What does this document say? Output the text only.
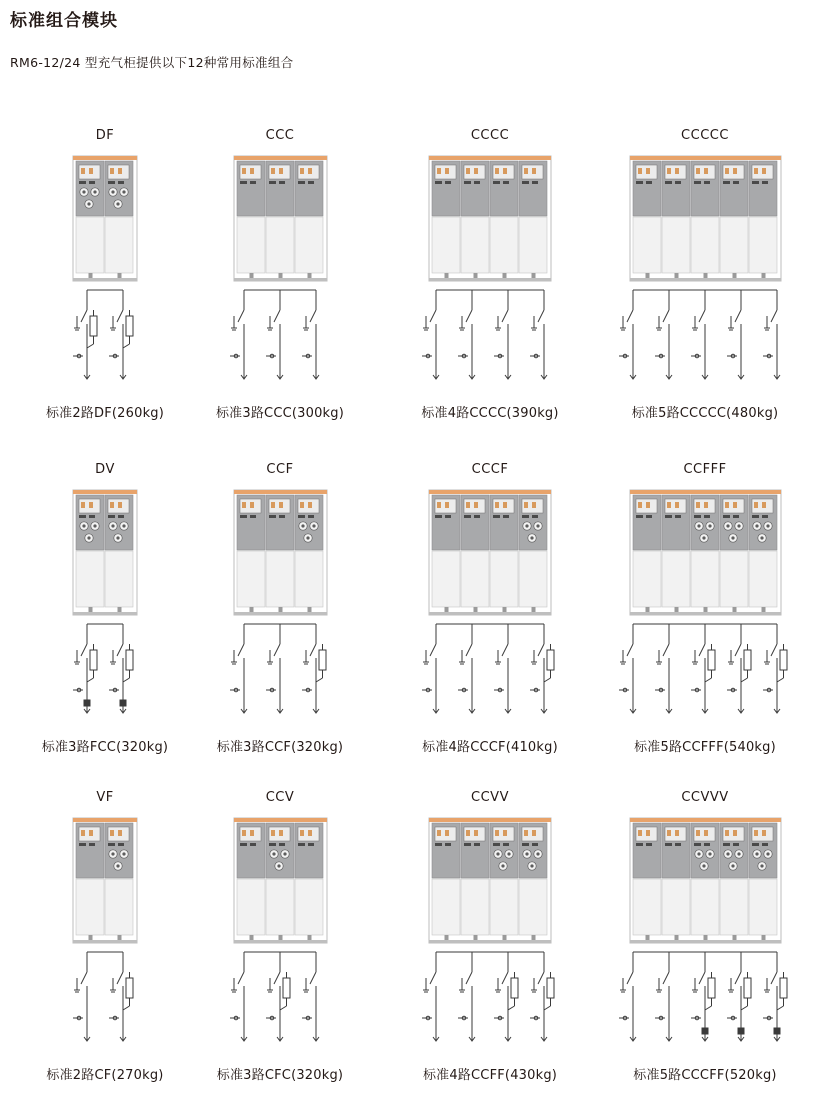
标准组合模块
RM6-12/24 型充气柜提供以下12种常用标准组合
DF
标准2路DF(260kg)
CCC
标准3路CCC(300kg)
CCCC
标准4路CCCC(390kg)
CCCCC
标准5路CCCCC(480kg)
DV
标准3路FCC(320kg)
CCF
标准3路CCF(320kg)
CCCF
标准4路CCCF(410kg)
CCFFF
标准5路CCFFF(540kg)
VF
标准2路CF(270kg)
CCV
标准3路CFC(320kg)
CCVV
标准4路CCFF(430kg)
CCVVV
标准5路CCCFF(520kg)
